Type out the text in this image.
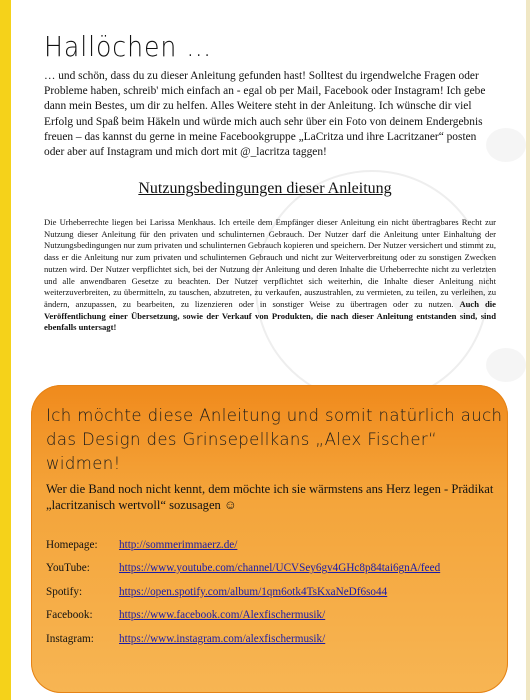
Hallöchen …
… und schön, dass du zu dieser Anleitung gefunden hast! Solltest du irgendwelche Fragen oder Probleme haben, schreib' mich einfach an - egal ob per Mail, Facebook oder Instagram! Ich gebe dann mein Bestes, um dir zu helfen. Alles Weitere steht in der Anleitung. Ich wünsche dir viel Erfolg und Spaß beim Häkeln und würde mich auch sehr über ein Foto von deinem Endergebnis freuen – das kannst du gerne in meine Facebookgruppe „LaCritza und ihre Lacritzaner“ posten oder aber auf Instagram und mich dort mit @_lacritza taggen!
Nutzungsbedingungen dieser Anleitung
Die Urheberrechte liegen bei Larissa Menkhaus. Ich erteile dem Empfänger dieser Anleitung ein nicht übertragbares Recht zur Nutzung dieser Anleitung für den privaten und schulinternen Gebrauch. Der Nutzer darf die Anleitung unter Einhaltung der Nutzungsbedingungen nur zum privaten und schulinternen Gebrauch kopieren und speichern. Der Nutzer versichert und stimmt zu, dass er die Anleitung nur zum privaten und schulinternen Gebrauch und nicht zur Weiterverbreitung oder zu sonstigen Zwecken nutzen wird. Der Nutzer verpflichtet sich, bei der Nutzung der Anleitung und deren Inhalte die Urheberrechte nicht zu verletzten und alle anwendbaren Gesetze zu beachten. Der Nutzer verpflichtet sich weiterhin, die Inhalte dieser Anleitung nicht weiterzuverbreiten, zu übermitteln, zu tauschen, abzutreten, zu verkaufen, auszustrahlen, zu vermieten, zu teilen, zu verleihen, zu ändern, anzupassen, zu bearbeiten, zu lizenzieren oder in sonstiger Weise zu übertragen oder zu nutzen. Auch die Veröffentlichung einer Übersetzung, sowie der Verkauf von Produkten, die nach dieser Anleitung entstanden sind, sind ebenfalls untersagt!
Ich möchte diese Anleitung und somit natürlich auch das Design des Grinsepellkans „Alex Fischer“ widmen!
Wer die Band noch nicht kennt, dem möchte ich sie wärmstens ans Herz legen - Prädikat „lacritzanisch wertvoll“ sozusagen ☺
Homepage:	http://sommerimmaerz.de/
YouTube:	https://www.youtube.com/channel/UCVSey6gv4GHc8p84tai6gnA/feed
Spotify:	https://open.spotify.com/album/1qm6otk4TsKxaNeDf6so44
Facebook:	https://www.facebook.com/Alexfischermusik/
Instagram:	https://www.instagram.com/alexfischermusik/
